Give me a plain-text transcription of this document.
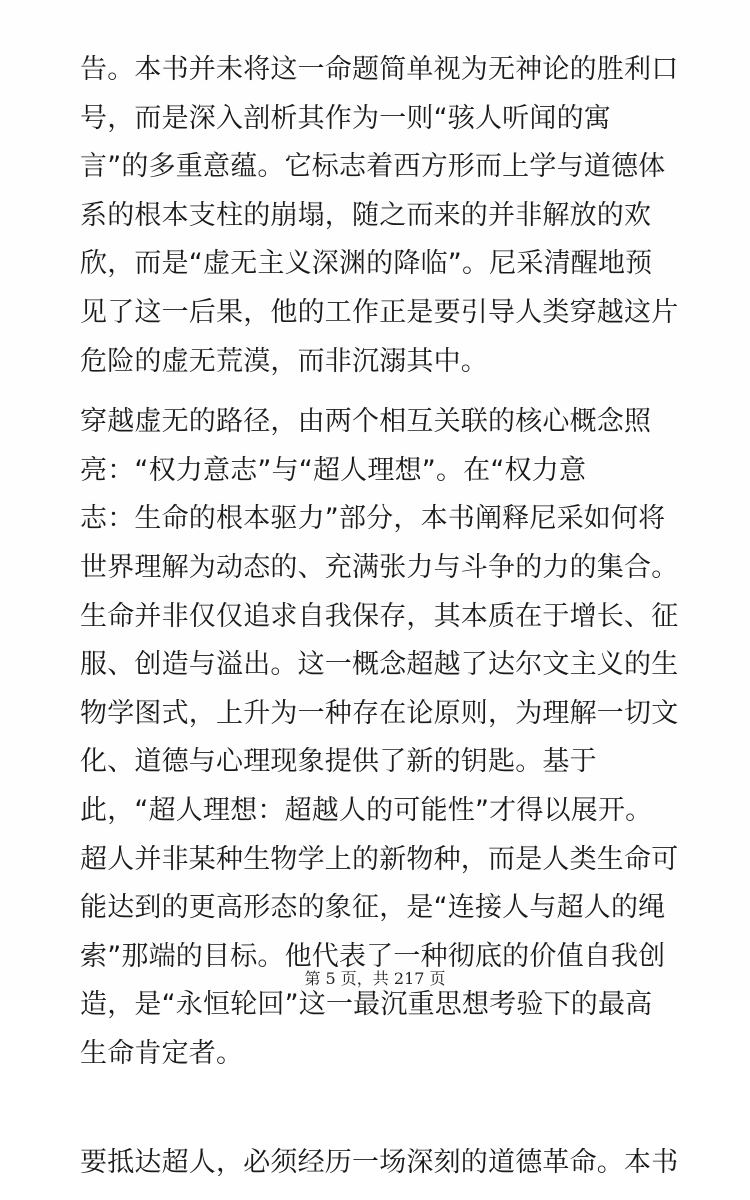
告。本书并未将这一命题简单视为无神论的胜利口
号，而是深入剖析其作为一则“骇人听闻的寓
言”的多重意蕴。它标志着西方形而上学与道德体
系的根本支柱的崩塌，随之而来的并非解放的欢
欣，而是“虚无主义深渊的降临”。尼采清醒地预
见了这一后果，他的工作正是要引导人类穿越这片
危险的虚无荒漠，而非沉溺其中。

穿越虚无的路径，由两个相互关联的核心概念照
亮：“权力意志”与“超人理想”。在“权力意
志：生命的根本驱力”部分，本书阐释尼采如何将
世界理解为动态的、充满张力与斗争的力的集合。
生命并非仅仅追求自我保存，其本质在于增长、征
服、创造与溢出。这一概念超越了达尔文主义的生
物学图式，上升为一种存在论原则，为理解一切文
化、道德与心理现象提供了新的钥匙。基于
此，“超人理想：超越人的可能性”才得以展开。
超人并非某种生物学上的新物种，而是人类生命可
能达到的更高形态的象征，是“连接人与超人的绳
索”那端的目标。他代表了一种彻底的价值自我创
造，是“永恒轮回”这一最沉重思想考验下的最高
生命肯定者。

要抵达超人，必须经历一场深刻的道德革命。本书

第 5 页，共 217 页
